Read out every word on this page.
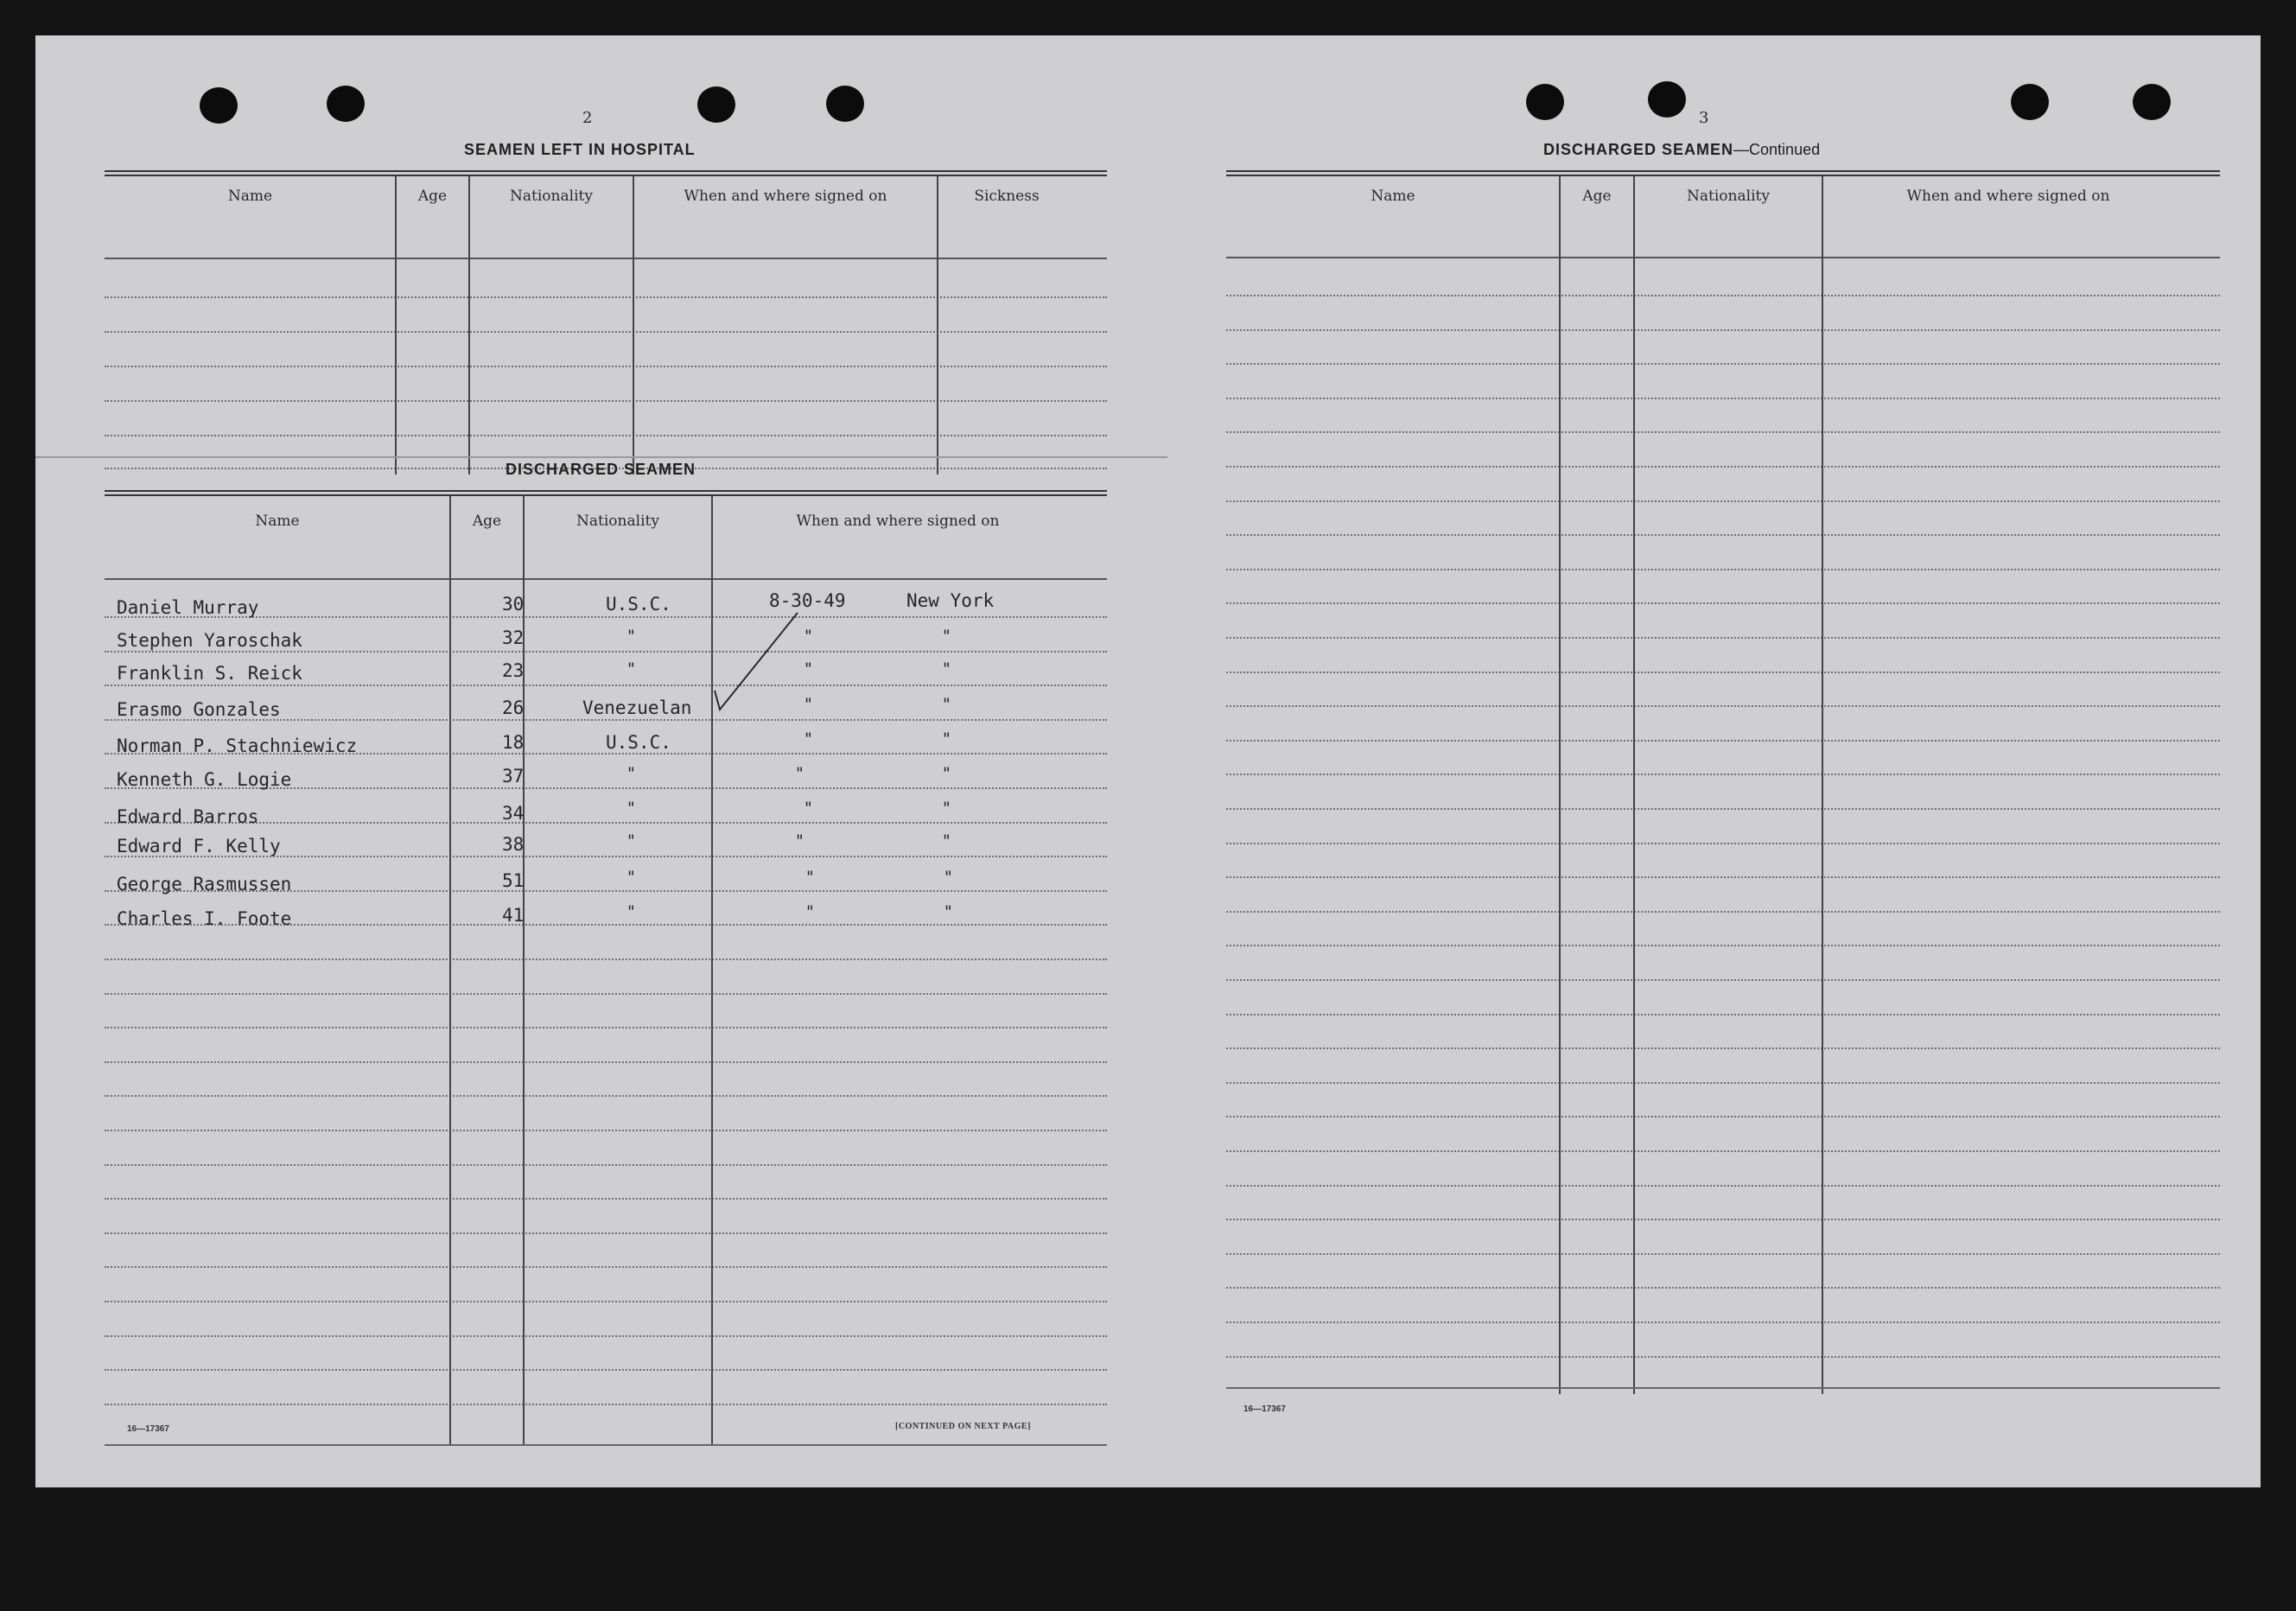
2	3
SEAMEN LEFT IN HOSPITAL
Name	Age	Nationality	When and where signed on	Sickness
DISCHARGED SEAMEN
Name	Age	Nationality	When and where signed on
Daniel Murray	30	U.S.C.	8-30-49	New York
Stephen Yaroschak	32	"	"	"
Franklin S. Reick	23	"	"	"
Erasmo Gonzales	26	Venezuelan	"	"
Norman P. Stachniewicz	18	U.S.C.	"	"
Kenneth G. Logie	37	"	"	"
Edward Barros	34	"	"	"
Edward F. Kelly	38	"	"	"
George Rasmussen	51	"	"	"
Charles I. Foote	41	"	"	"
16—17367	[CONTINUED ON NEXT PAGE]
DISCHARGED SEAMEN—Continued
Name	Age	Nationality	When and where signed on
16—17367
